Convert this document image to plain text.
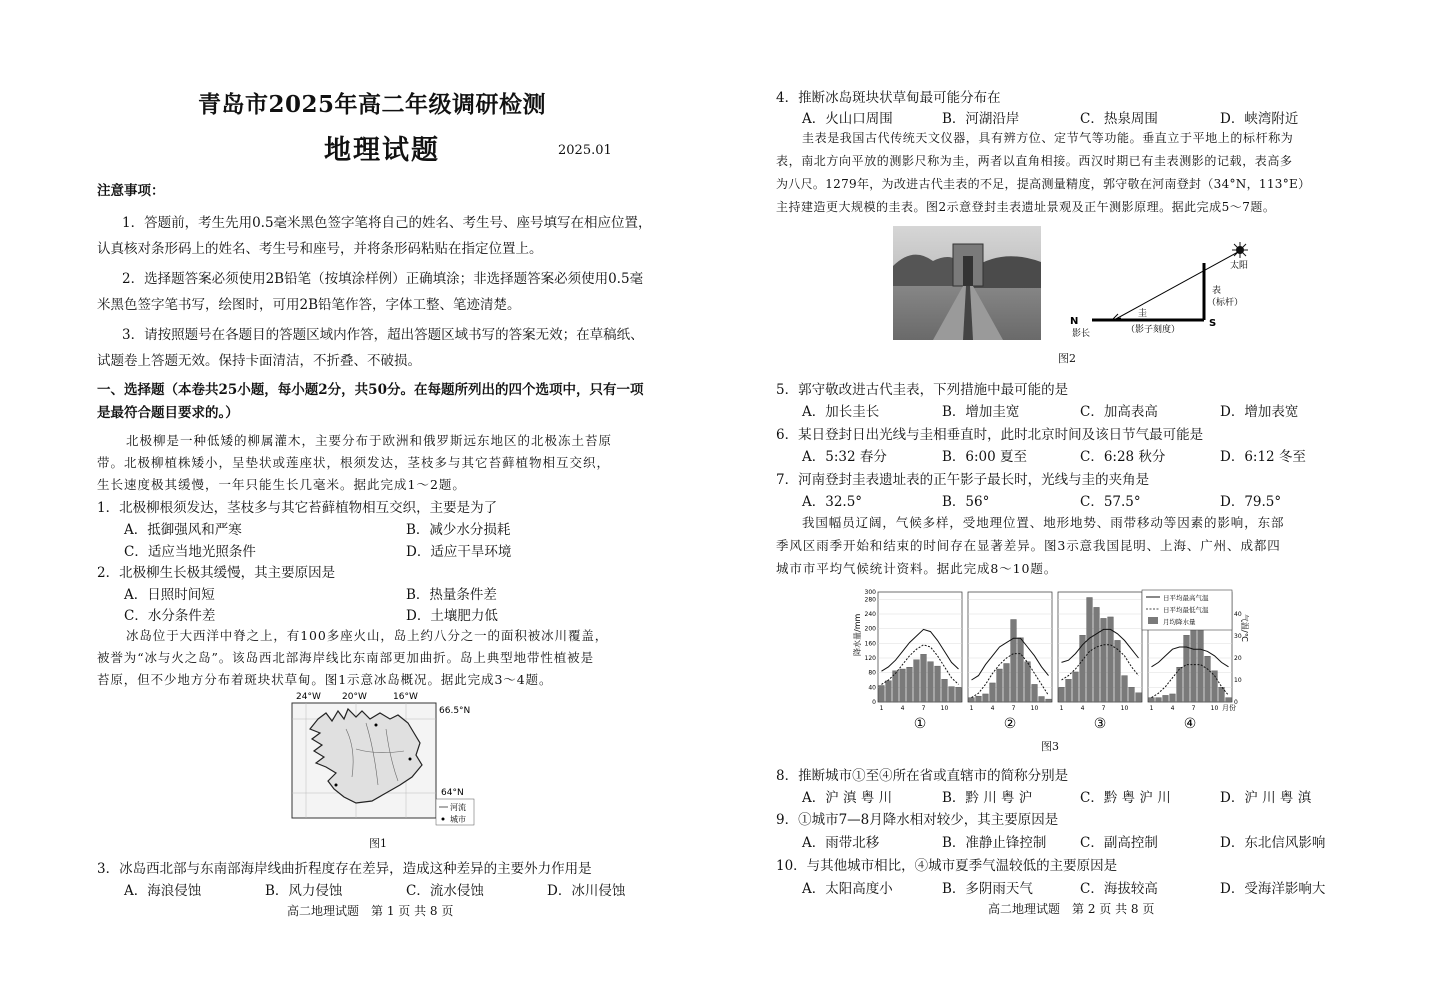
青岛市2025年高二年级调研检测
地理试题	2025.01
注意事项：
1．答题前，考生先用0.5毫米黑色签字笔将自己的姓名、考生号、座号填写在相应位置，
认真核对条形码上的姓名、考生号和座号，并将条形码粘贴在指定位置上。
2．选择题答案必须使用2B铅笔（按填涂样例）正确填涂；非选择题答案必须使用0.5毫
米黑色签字笔书写，绘图时，可用2B铅笔作答，字体工整、笔迹清楚。
3．请按照题号在各题目的答题区域内作答，超出答题区域书写的答案无效；在草稿纸、
试题卷上答题无效。保持卡面清洁，不折叠、不破损。
一、选择题（本卷共25小题，每小题2分，共50分。在每题所列出的四个选项中，只有一项
是最符合题目要求的。）
北极柳是一种低矮的柳属灌木，主要分布于欧洲和俄罗斯远东地区的北极冻土苔原
带。北极柳植株矮小，呈垫状或莲座状，根须发达，茎枝多与其它苔藓植物相互交织，
生长速度极其缓慢，一年只能生长几毫米。据此完成1～2题。
1．北极柳根须发达，茎枝多与其它苔藓植物相互交织，主要是为了
A．抵御强风和严寒	B．减少水分损耗
C．适应当地光照条件	D．适应干旱环境
2．北极柳生长极其缓慢，其主要原因是
A．日照时间短	B．热量条件差
C．水分条件差	D．土壤肥力低
冰岛位于大西洋中脊之上，有100多座火山，岛上约八分之一的面积被冰川覆盖，
被誉为“冰与火之岛”。该岛西北部海岸线比东南部更加曲折。岛上典型地带性植被是
苔原，但不少地方分布着斑块状草甸。图1示意冰岛概况。据此完成3～4题。
24°W 20°W	16°W
66.5°N
64°N
河流
城市
图1
3．冰岛西北部与东南部海岸线曲折程度存在差异，造成这种差异的主要外力作用是
A．海浪侵蚀	B．风力侵蚀	C．流水侵蚀	D．冰川侵蚀
高二地理试题　第 1 页 共 8 页
4．推断冰岛斑块状草甸最可能分布在
A．火山口周围	B．河湖沿岸	C．热泉周围	D．峡湾附近
圭表是我国古代传统天文仪器，具有辨方位、定节气等功能。垂直立于平地上的标杆称为
表，南北方向平放的测影尺称为圭，两者以直角相接。西汉时期已有圭表测影的记载，表高多
为八尺。1279年，为改进古代圭表的不足，提高测量精度，郭守敬在河南登封（34°N，113°E）
主持建造更大规模的圭表。图2示意登封圭表遗址景观及正午测影原理。据此完成5～7题。
太阳
表
（标杆）
圭
（影子刻度）
N	S
影长
图2
5．郭守敬改进古代圭表，下列措施中最可能的是
A．加长圭长	B．增加圭宽	C．加高表高	D．增加表宽
6．某日登封日出光线与圭相垂直时，此时北京时间及该日节气最可能是
A．5:32 春分	B．6:00 夏至	C．6:28 秋分	D．6:12 冬至
7．河南登封圭表遗址表的正午影子最长时，光线与圭的夹角是
A．32.5°	B．56°	C．57.5°	D．79.5°
我国幅员辽阔，气候多样，受地理位置、地形地势、雨带移动等因素的影响，东部
季风区雨季开始和结束的时间存在显著差异。图3示意我国昆明、上海、广州、成都四
城市市平均气候统计资料。据此完成8～10题。
降水量/mm	气温/℃
月份
0
40
80
120
160
200
240
280
300
0
10
20
30
40
1	4	7	10
①
1	4	7	10
②
1	4	7	10
③
1	4	7	10
④
日平均最高气温
日平均最低气温
月均降水量
图3
8．推断城市①至④所在省或直辖市的简称分别是
A．沪 滇 粤 川	B．黔 川 粤 沪	C．黔 粤 沪 川	D．沪 川 粤 滇
9．①城市7—8月降水相对较少，其主要原因是
A．雨带北移	B．准静止锋控制 C．副高控制	D．东北信风影响
10．与其他城市相比，④城市夏季气温较低的主要原因是
A．太阳高度小	B．多阴雨天气	C．海拔较高	D．受海洋影响大
高二地理试题　第 2 页 共 8 页
